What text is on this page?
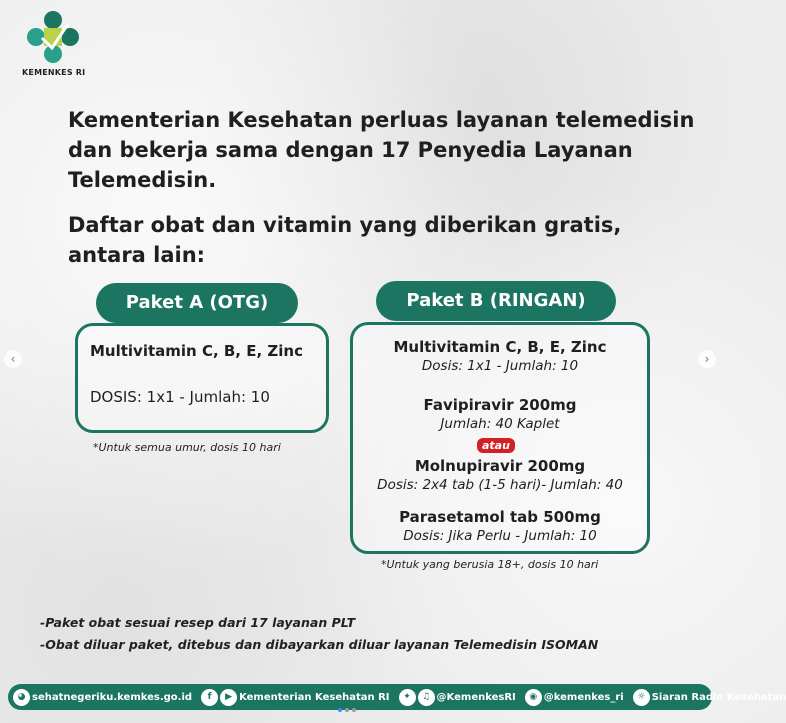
KEMENKES RI

Kementerian Kesehatan perluas layanan telemedisin dan bekerja sama dengan 17 Penyedia Layanan Telemedisin.

Daftar obat dan vitamin yang diberikan gratis, antara lain:

Paket A (OTG)
Multivitamin C, B, E, Zinc
DOSIS: 1x1 - Jumlah: 10
*Untuk semua umur, dosis 10 hari
Paket B (RINGAN)
Multivitamin C, B, E, Zinc
Dosis: 1x1 - Jumlah: 10
Favipiravir 200mg
Jumlah: 40 Kaplet
atau
Molnupiravir 200mg
Dosis: 2x4 tab (1-5 hari)- Jumlah: 40
Parasetamol tab 500mg
Dosis: Jika Perlu - Jumlah: 10
*Untuk yang berusia 18+, dosis 10 hari
-Paket obat sesuai resep dari 17 layanan PLT
-Obat diluar paket, ditebus dan dibayarkan diluar layanan Telemedisin ISOMAN
◕ sehatnegeriku.kemkes.go.id	f	▶ Kementerian Kesehatan RI	✦	♫ @KemenkesRI	◉ @kemenkes_ri	☼ Siaran Radio Kesehatan
‹	›
